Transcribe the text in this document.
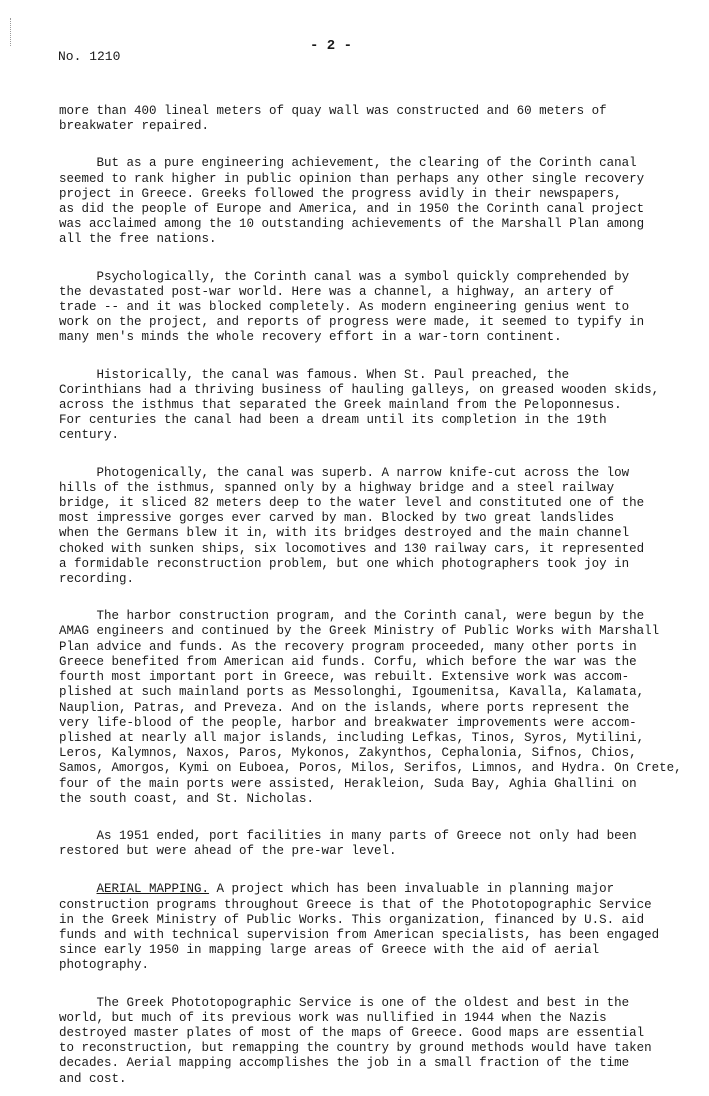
- 2 -
No. 1210
more than 400 lineal meters of quay wall was constructed and 60 meters of
breakwater repaired.
But as a pure engineering achievement, the clearing of the Corinth canal
seemed to rank higher in public opinion than perhaps any other single recovery
project in Greece. Greeks followed the progress avidly in their newspapers,
as did the people of Europe and America, and in 1950 the Corinth canal project
was acclaimed among the 10 outstanding achievements of the Marshall Plan among
all the free nations.
Psychologically, the Corinth canal was a symbol quickly comprehended by
the devastated post-war world. Here was a channel, a highway, an artery of
trade -- and it was blocked completely. As modern engineering genius went to
work on the project, and reports of progress were made, it seemed to typify in
many men's minds the whole recovery effort in a war-torn continent.
Historically, the canal was famous. When St. Paul preached, the
Corinthians had a thriving business of hauling galleys, on greased wooden skids,
across the isthmus that separated the Greek mainland from the Peloponnesus.
For centuries the canal had been a dream until its completion in the 19th
century.
Photogenically, the canal was superb. A narrow knife-cut across the low
hills of the isthmus, spanned only by a highway bridge and a steel railway
bridge, it sliced 82 meters deep to the water level and constituted one of the
most impressive gorges ever carved by man. Blocked by two great landslides
when the Germans blew it in, with its bridges destroyed and the main channel
choked with sunken ships, six locomotives and 130 railway cars, it represented
a formidable reconstruction problem, but one which photographers took joy in
recording.
The harbor construction program, and the Corinth canal, were begun by the
AMAG engineers and continued by the Greek Ministry of Public Works with Marshall
Plan advice and funds. As the recovery program proceeded, many other ports in
Greece benefited from American aid funds. Corfu, which before the war was the
fourth most important port in Greece, was rebuilt. Extensive work was accom-
plished at such mainland ports as Messolonghi, Igoumenitsa, Kavalla, Kalamata,
Nauplion, Patras, and Preveza. And on the islands, where ports represent the
very life-blood of the people, harbor and breakwater improvements were accom-
plished at nearly all major islands, including Lefkas, Tinos, Syros, Mytilini,
Leros, Kalymnos, Naxos, Paros, Mykonos, Zakynthos, Cephalonia, Sifnos, Chios,
Samos, Amorgos, Kymi on Euboea, Poros, Milos, Serifos, Limnos, and Hydra. On Crete,
four of the main ports were assisted, Herakleion, Suda Bay, Aghia Ghallini on
the south coast, and St. Nicholas.
As 1951 ended, port facilities in many parts of Greece not only had been
restored but were ahead of the pre-war level.
AERIAL MAPPING. A project which has been invaluable in planning major
construction programs throughout Greece is that of the Phototopographic Service
in the Greek Ministry of Public Works. This organization, financed by U.S. aid
funds and with technical supervision from American specialists, has been engaged
since early 1950 in mapping large areas of Greece with the aid of aerial
photography.
The Greek Phototopographic Service is one of the oldest and best in the
world, but much of its previous work was nullified in 1944 when the Nazis
destroyed master plates of most of the maps of Greece. Good maps are essential
to reconstruction, but remapping the country by ground methods would have taken
decades. Aerial mapping accomplishes the job in a small fraction of the time
and cost.
